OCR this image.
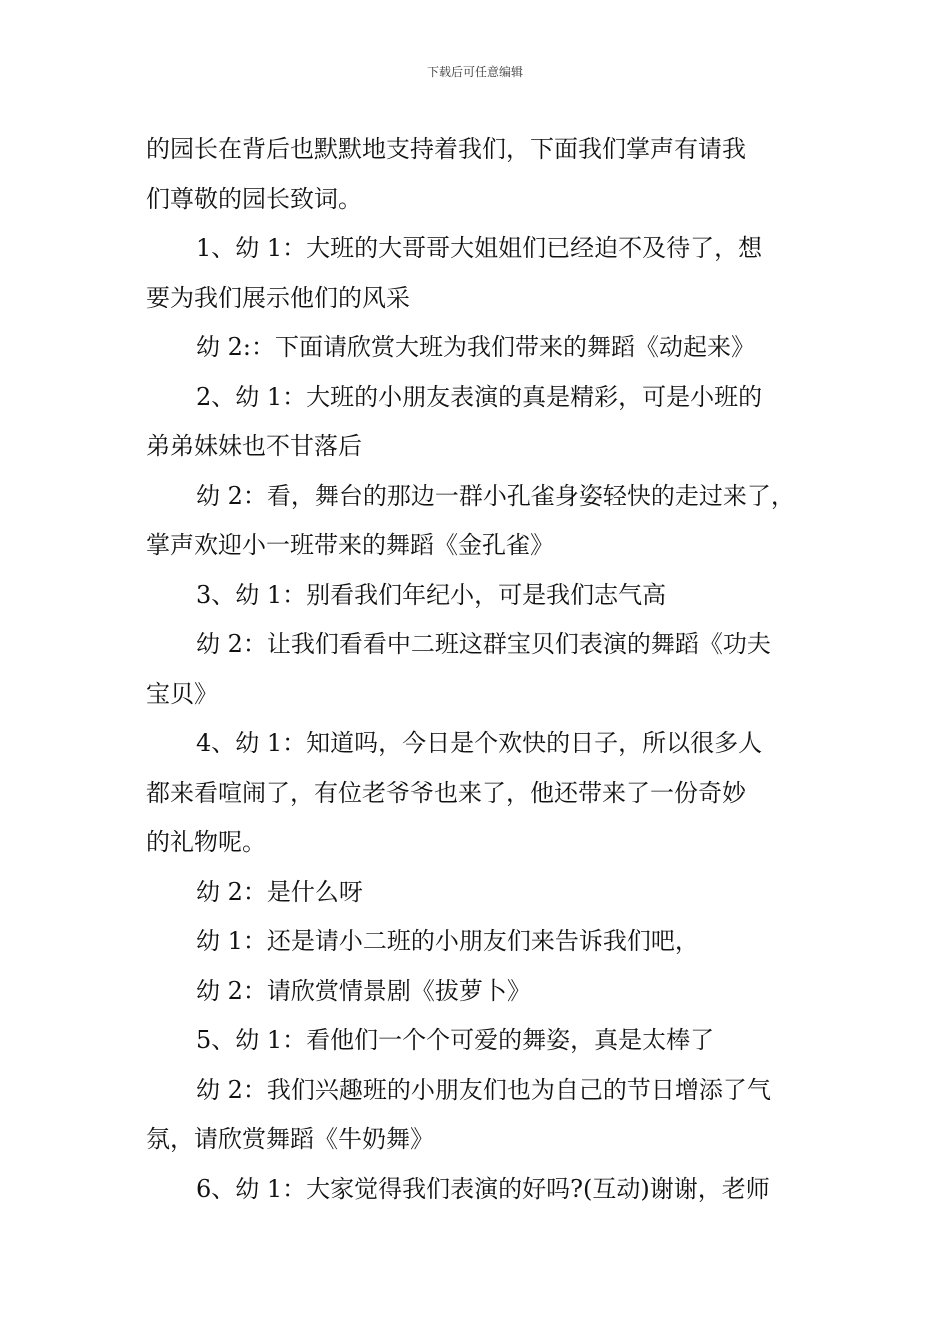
下载后可任意编辑
的园长在背后也默默地支持着我们，下面我们掌声有请我
们尊敬的园长致词。
1、幼 1：大班的大哥哥大姐姐们已经迫不及待了，想
要为我们展示他们的风采
幼 2:：下面请欣赏大班为我们带来的舞蹈《动起来》
2、幼 1：大班的小朋友表演的真是精彩，可是小班的
弟弟妹妹也不甘落后
幼 2：看，舞台的那边一群小孔雀身姿轻快的走过来了，
掌声欢迎小一班带来的舞蹈《金孔雀》
3、幼 1：别看我们年纪小，可是我们志气高
幼 2：让我们看看中二班这群宝贝们表演的舞蹈《功夫
宝贝》
4、幼 1：知道吗，今日是个欢快的日子，所以很多人
都来看喧闹了，有位老爷爷也来了，他还带来了一份奇妙
的礼物呢。
幼 2：是什么呀
幼 1：还是请小二班的小朋友们来告诉我们吧，
幼 2：请欣赏情景剧《拔萝卜》
5、幼 1：看他们一个个可爱的舞姿，真是太棒了
幼 2：我们兴趣班的小朋友们也为自己的节日增添了气
氛，请欣赏舞蹈《牛奶舞》
6、幼 1：大家觉得我们表演的好吗?(互动)谢谢，老师
